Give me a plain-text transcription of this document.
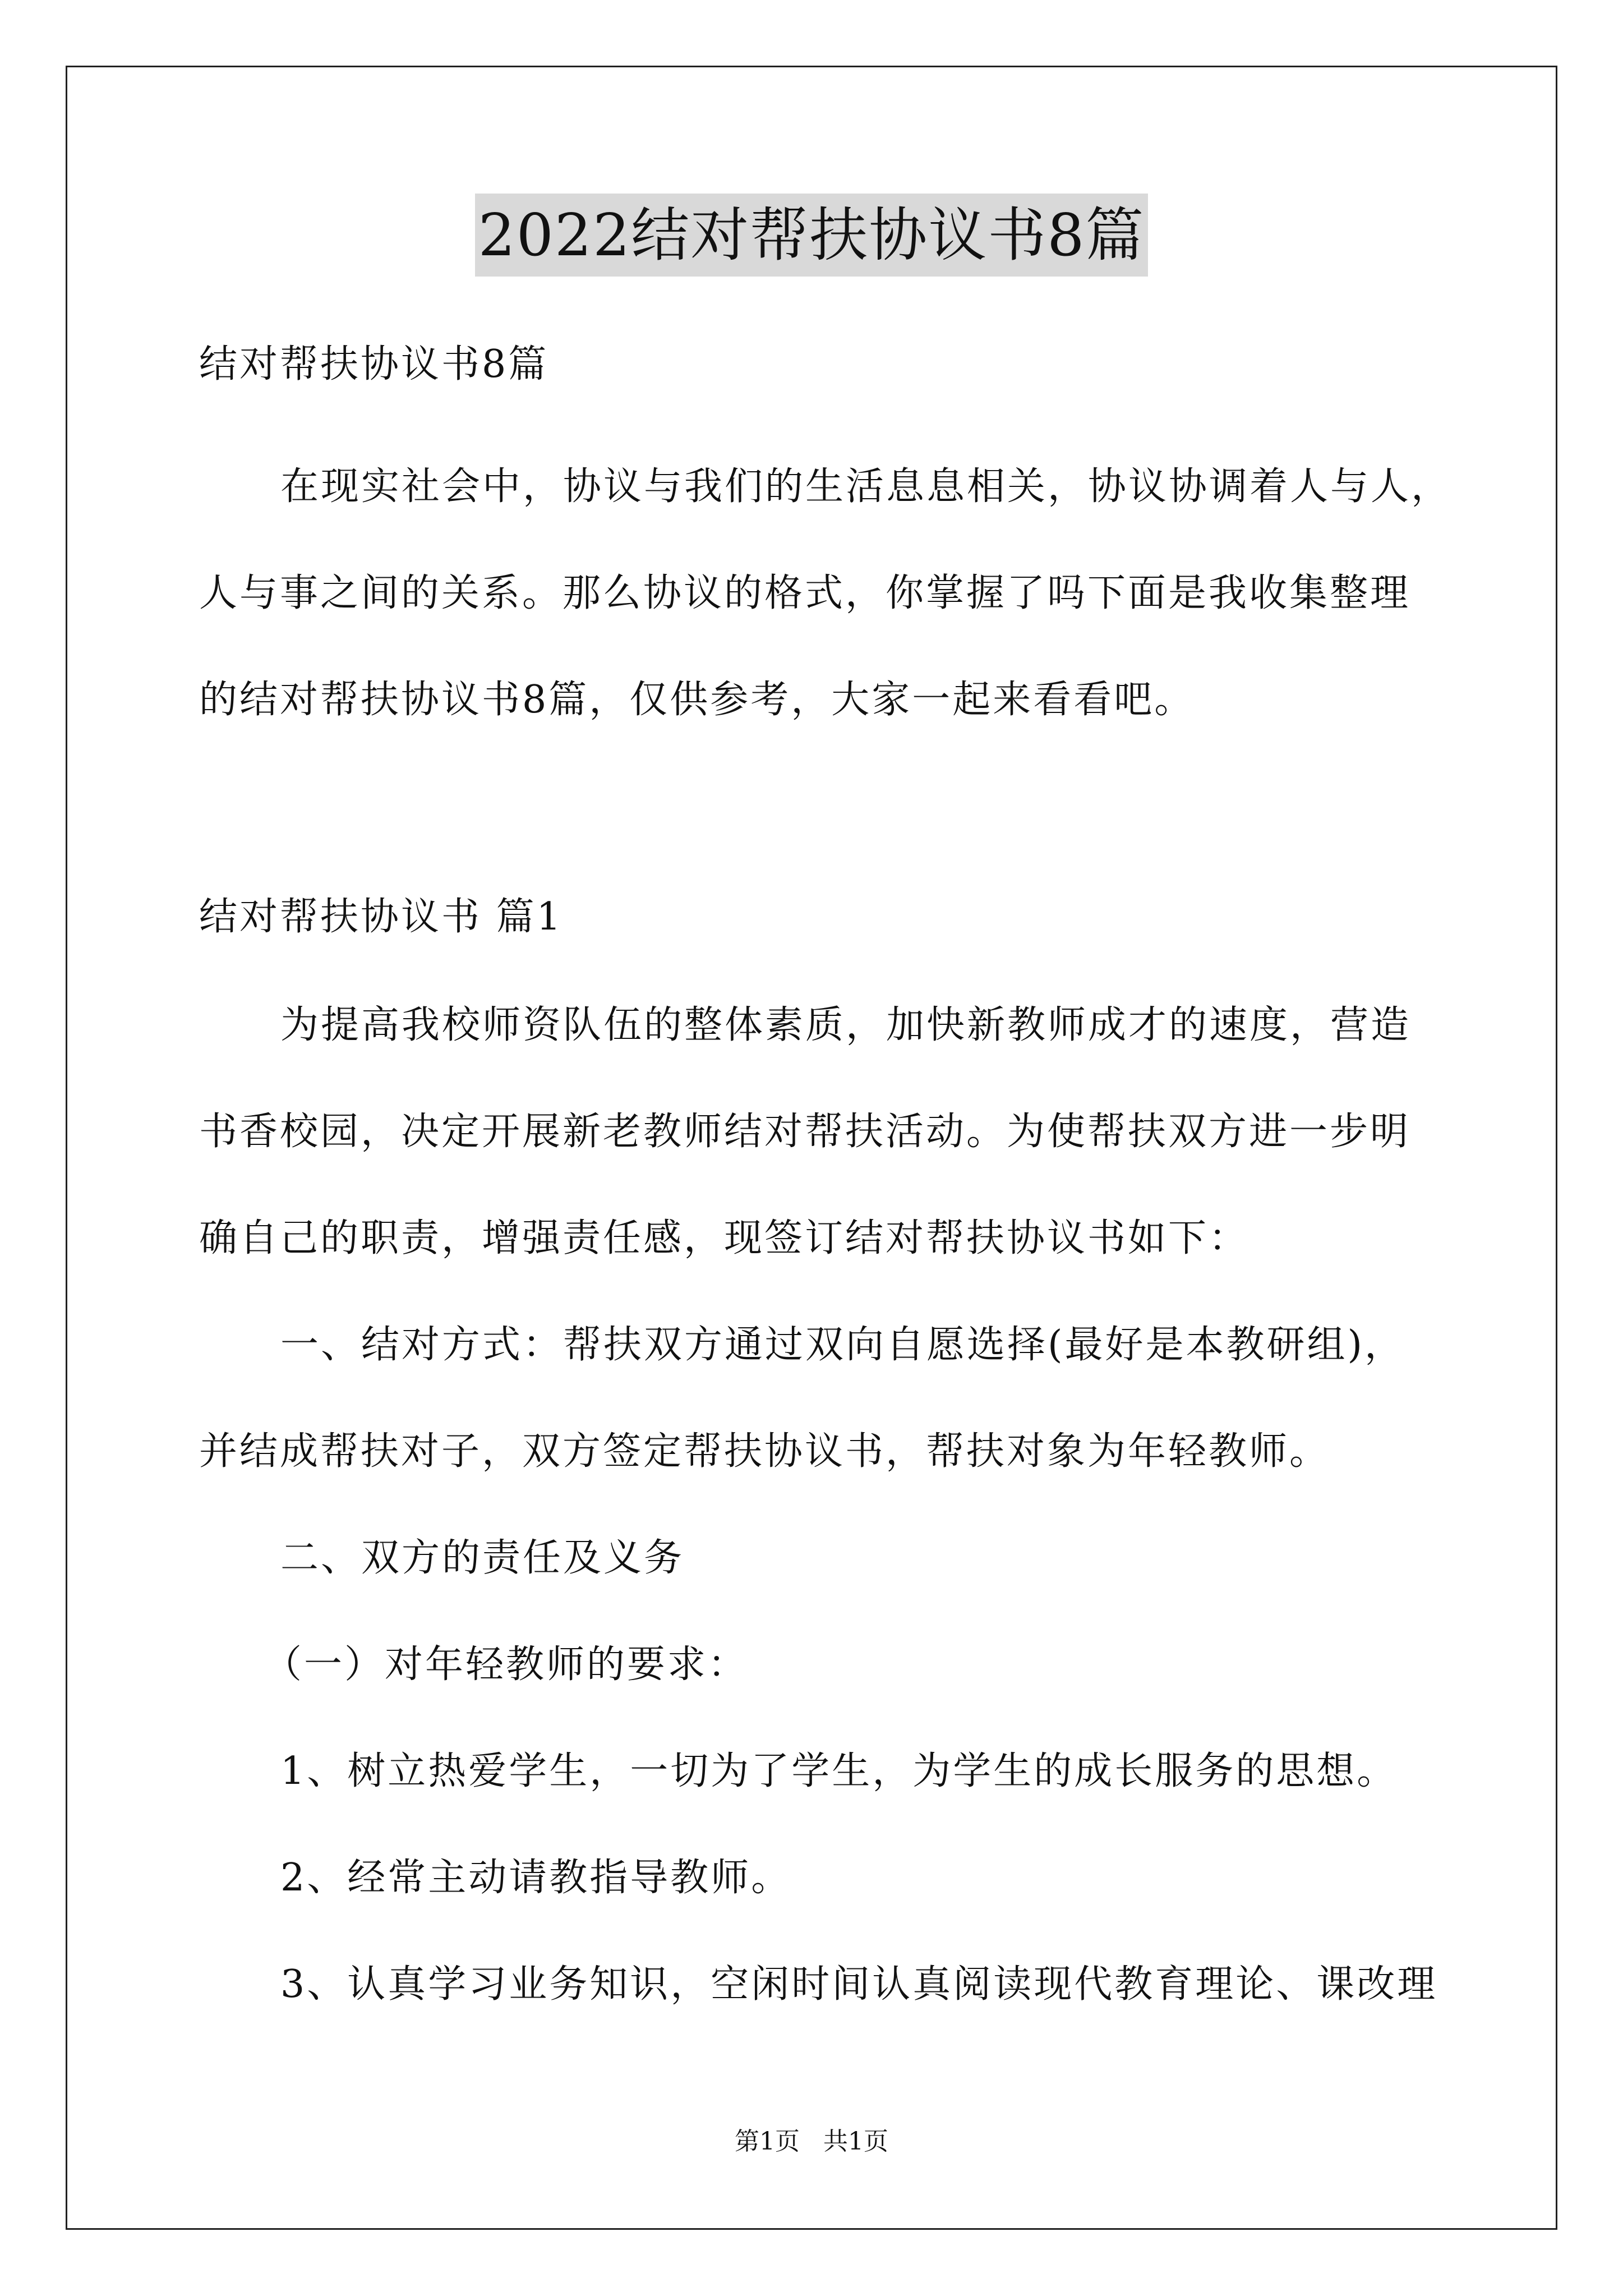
2022结对帮扶协议书8篇
结对帮扶协议书8篇
在现实社会中，协议与我们的生活息息相关，协议协调着人与人，
人与事之间的关系。那么协议的格式，你掌握了吗下面是我收集整理
的结对帮扶协议书8篇，仅供参考，大家一起来看看吧。
结对帮扶协议书 篇1
为提高我校师资队伍的整体素质，加快新教师成才的速度，营造
书香校园，决定开展新老教师结对帮扶活动。为使帮扶双方进一步明
确自己的职责，增强责任感，现签订结对帮扶协议书如下：
一、结对方式：帮扶双方通过双向自愿选择(最好是本教研组)，
并结成帮扶对子，双方签定帮扶协议书，帮扶对象为年轻教师。
二、双方的责任及义务
（一）对年轻教师的要求：
1、树立热爱学生，一切为了学生，为学生的成长服务的思想。
2、经常主动请教指导教师。
3、认真学习业务知识，空闲时间认真阅读现代教育理论、课改理
第1页   共1页
